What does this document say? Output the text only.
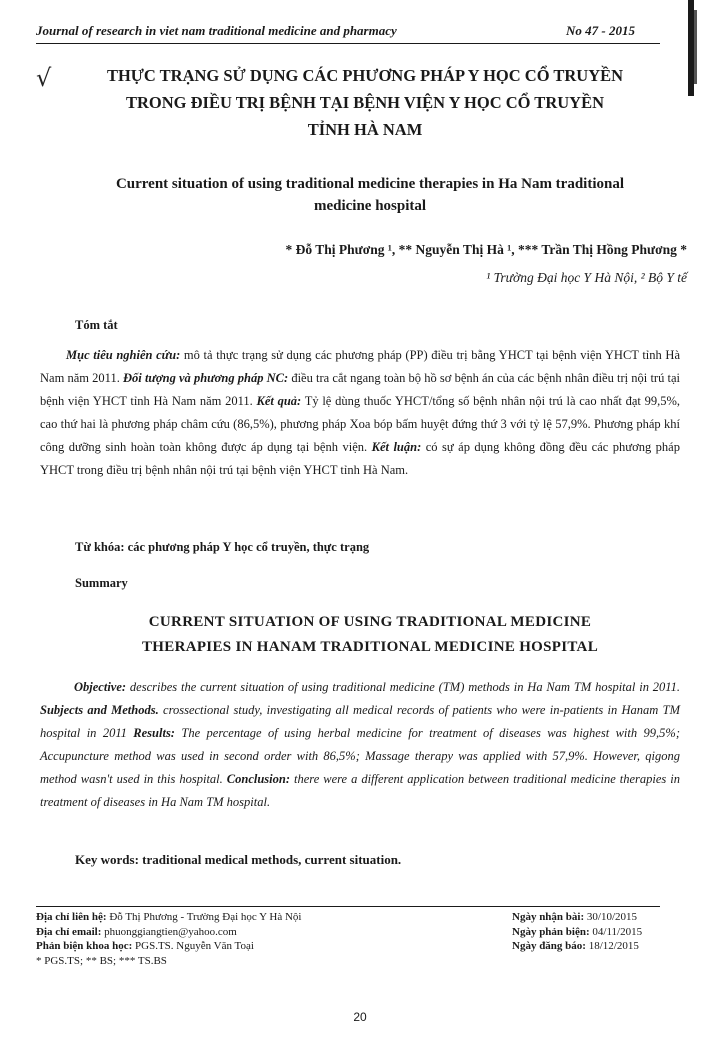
Journal of research in viet nam traditional medicine and pharmacy	No 47 - 2015
√	THỰC TRẠNG SỬ DỤNG CÁC PHƯƠNG PHÁP Y HỌC CỔ TRUYỀN
TRONG ĐIỀU TRỊ BỆNH TẠI BỆNH VIỆN Y HỌC CỔ TRUYỀN
TỈNH HÀ NAM
Current situation of using traditional medicine therapies in Ha Nam traditional
medicine hospital
* Đỗ Thị Phương ¹, ** Nguyễn Thị Hà ¹, *** Trần Thị Hồng Phương *
¹ Trường Đại học Y Hà Nội, ² Bộ Y tế
Tóm tắt
Mục tiêu nghiên cứu: mô tả thực trạng sử dụng các phương pháp (PP) điều trị bằng YHCT tại bệnh viện YHCT tỉnh Hà Nam năm 2011. Đối tượng và phương pháp NC: điều tra cắt ngang toàn bộ hồ sơ bệnh án của các bệnh nhân điều trị nội trú tại bệnh viện YHCT tỉnh Hà Nam năm 2011. Kết quả: Tỷ lệ dùng thuốc YHCT/tổng số bệnh nhân nội trú là cao nhất đạt 99,5%, cao thứ hai là phương pháp châm cứu (86,5%), phương pháp Xoa bóp bấm huyệt đứng thứ 3 với tỷ lệ 57,9%. Phương pháp khí công dưỡng sinh hoàn toàn không được áp dụng tại bệnh viện. Kết luận: có sự áp dụng không đồng đều các phương pháp YHCT trong điều trị bệnh nhân nội trú tại bệnh viện YHCT tỉnh Hà Nam.
Từ khóa: các phương pháp Y học cổ truyền, thực trạng
Summary
CURRENT SITUATION OF USING TRADITIONAL MEDICINE
THERAPIES IN HANAM TRADITIONAL MEDICINE HOSPITAL
Objective: describes the current situation of using traditional medicine (TM) methods in Ha Nam TM hospital in 2011. Subjects and Methods. crossectional study, investigating all medical records of patients who were in-patients in Hanam TM hospital in 2011 Results: The percentage of using herbal medicine for treatment of diseases was highest with 99,5%; Accupuncture method was used in second order with 86,5%; Massage therapy was applied with 57,9%. However, qigong method wasn't used in this hospital. Conclusion: there were a different application between traditional medicine therapies in treatment of diseases in Ha Nam TM hospital.
Key words: traditional medical methods, current situation.
Địa chỉ liên hệ: Đỗ Thị Phương - Trường Đại học Y Hà Nội
Địa chỉ email: phuonggiangtien@yahoo.com
Phản biện khoa học: PGS.TS. Nguyễn Văn Toại
* PGS.TS; ** BS; *** TS.BS
Ngày nhận bài: 30/10/2015
Ngày phản biện: 04/11/2015
Ngày đăng báo: 18/12/2015
20
